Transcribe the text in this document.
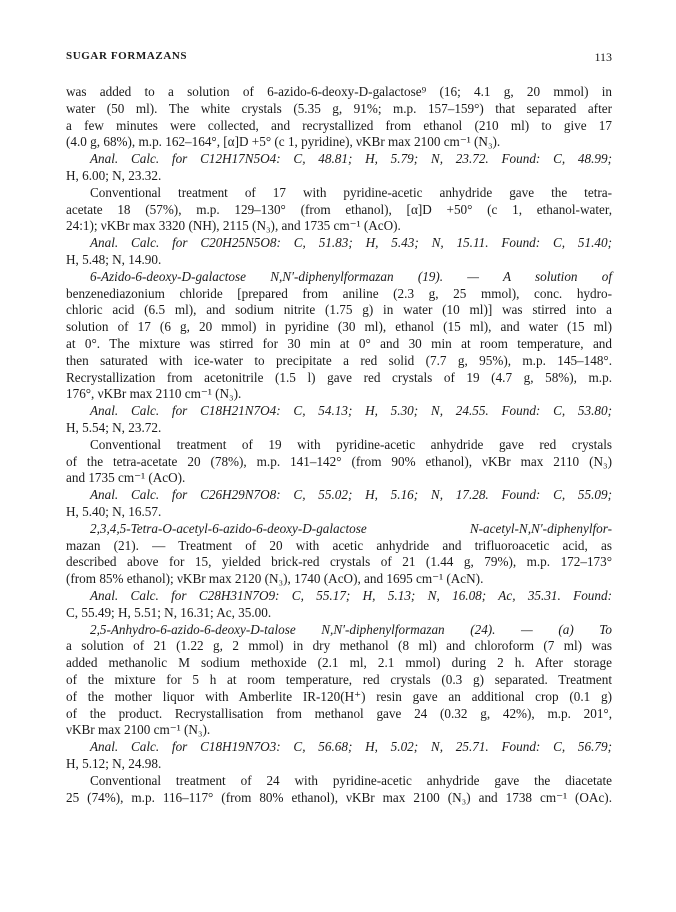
SUGAR FORMAZANS	113
was added to a solution of 6-azido-6-deoxy-D-galactose⁹ (16; 4.1 g, 20 mmol) in
water (50 ml). The white crystals (5.35 g, 91%; m.p. 157–159°) that separated after
a few minutes were collected, and recrystallized from ethanol (210 ml) to give 17
(4.0 g, 68%), m.p. 162–164°, [α]D +5° (c 1, pyridine), νKBr max 2100 cm⁻¹ (N₃).
Anal. Calc. for C12H17N5O4: C, 48.81; H, 5.79; N, 23.72. Found: C, 48.99;
H, 6.00; N, 23.32.
Conventional treatment of 17 with pyridine-acetic anhydride gave the tetra-
acetate 18 (57%), m.p. 129–130° (from ethanol), [α]D +50° (c 1, ethanol-water,
24:1); νKBr max 3320 (NH), 2115 (N₃), and 1735 cm⁻¹ (AcO).
Anal. Calc. for C20H25N5O8: C, 51.83; H, 5.43; N, 15.11. Found: C, 51.40;
H, 5.48; N, 14.90.
6-Azido-6-deoxy-D-galactose N,N′-diphenylformazan (19). — A solution of
benzenediazonium chloride [prepared from aniline (2.3 g, 25 mmol), conc. hydro-
chloric acid (6.5 ml), and sodium nitrite (1.75 g) in water (10 ml)] was stirred into a
solution of 17 (6 g, 20 mmol) in pyridine (30 ml), ethanol (15 ml), and water (15 ml)
at 0°. The mixture was stirred for 30 min at 0° and 30 min at room temperature, and
then saturated with ice-water to precipitate a red solid (7.7 g, 95%), m.p. 145–148°.
Recrystallization from acetonitrile (1.5 l) gave red crystals of 19 (4.7 g, 58%), m.p.
176°, νKBr max 2110 cm⁻¹ (N₃).
Anal. Calc. for C18H21N7O4: C, 54.13; H, 5.30; N, 24.55. Found: C, 53.80;
H, 5.54; N, 23.72.
Conventional treatment of 19 with pyridine-acetic anhydride gave red crystals
of the tetra-acetate 20 (78%), m.p. 141–142° (from 90% ethanol), νKBr max 2110 (N₃)
and 1735 cm⁻¹ (AcO).
Anal. Calc. for C26H29N7O8: C, 55.02; H, 5.16; N, 17.28. Found: C, 55.09;
H, 5.40; N, 16.57.
2,3,4,5-Tetra-O-acetyl-6-azido-6-deoxy-D-galactose N-acetyl-N,N′-diphenylfor-
mazan (21). — Treatment of 20 with acetic anhydride and trifluoroacetic acid, as
described above for 15, yielded brick-red crystals of 21 (1.44 g, 79%), m.p. 172–173°
(from 85% ethanol); νKBr max 2120 (N₃), 1740 (AcO), and 1695 cm⁻¹ (AcN).
Anal. Calc. for C28H31N7O9: C, 55.17; H, 5.13; N, 16.08; Ac, 35.31. Found:
C, 55.49; H, 5.51; N, 16.31; Ac, 35.00.
2,5-Anhydro-6-azido-6-deoxy-D-talose N,N′-diphenylformazan (24). — (a) To
a solution of 21 (1.22 g, 2 mmol) in dry methanol (8 ml) and chloroform (7 ml) was
added methanolic M sodium methoxide (2.1 ml, 2.1 mmol) during 2 h. After storage
of the mixture for 5 h at room temperature, red crystals (0.3 g) separated. Treatment
of the mother liquor with Amberlite IR-120(H⁺) resin gave an additional crop (0.1 g)
of the product. Recrystallisation from methanol gave 24 (0.32 g, 42%), m.p. 201°,
νKBr max 2100 cm⁻¹ (N₃).
Anal. Calc. for C18H19N7O3: C, 56.68; H, 5.02; N, 25.71. Found: C, 56.79;
H, 5.12; N, 24.98.
Conventional treatment of 24 with pyridine-acetic anhydride gave the diacetate
25 (74%), m.p. 116–117° (from 80% ethanol), νKBr max 2100 (N₃) and 1738 cm⁻¹ (OAc).
